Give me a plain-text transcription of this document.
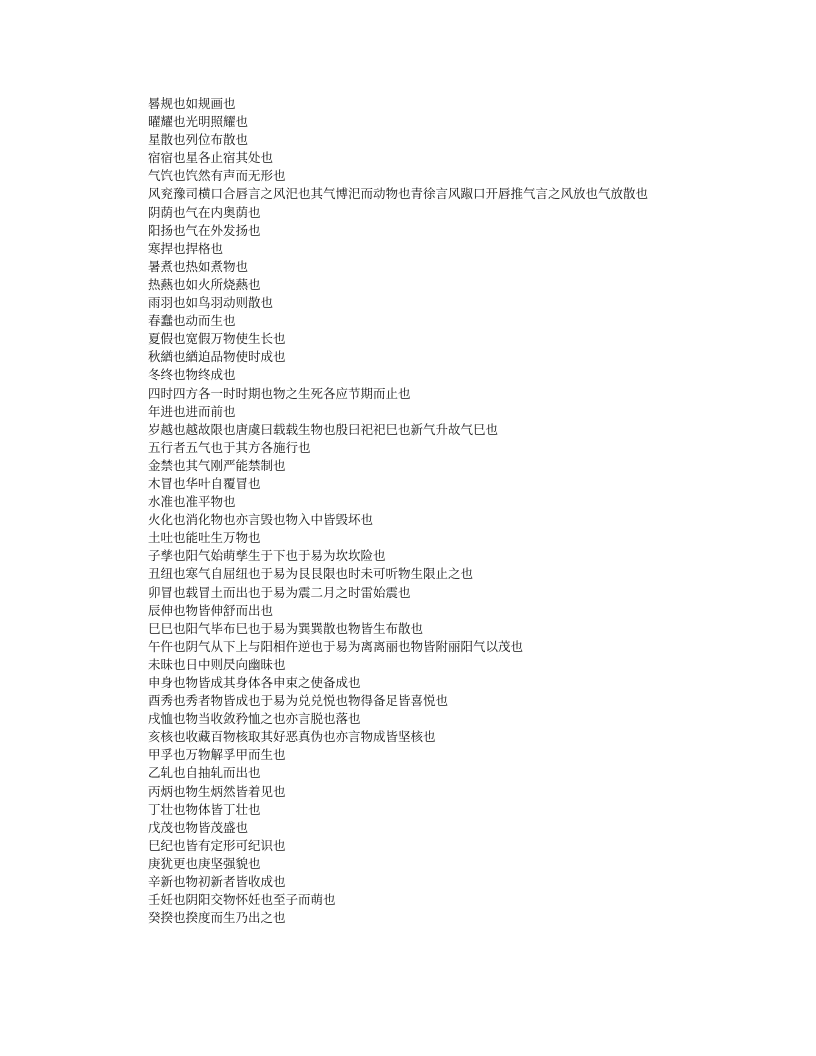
晷规也如规画也

曜耀也光明照耀也

星散也列位布散也

宿宿也星各止宿其处也

气饩也饩然有声而无形也

风兖豫司横口合唇言之风汜也其气博汜而动物也青徐言风踧口开唇推气言之风放也气放散也

阴荫也气在内奥荫也

阳扬也气在外发扬也

寒捍也捍格也

暑煮也热如煮物也

热爇也如火所烧爇也

雨羽也如鸟羽动则散也

春蠢也动而生也

夏假也宽假万物使生长也

秋緧也緧迫品物使时成也

冬终也物终成也

四时四方各一时时期也物之生死各应节期而止也

年进也进而前也

岁越也越故限也唐虞曰载载生物也殷曰祀祀巳也新气升故气巳也

五行者五气也于其方各施行也

金禁也其气刚严能禁制也

木冒也华叶自覆冒也

水准也准平物也

火化也消化物也亦言毁也物入中皆毁坏也

土吐也能吐生万物也

子孳也阳气始萌孳生于下也于易为坎坎险也

丑纽也寒气自屈纽也于易为艮艮限也时未可听物生限止之也

卯冒也载冒土而出也于易为震二月之时雷始震也

辰伸也物皆伸舒而出也

巳巳也阳气毕布巳也于易为巽巽散也物皆生布散也

午仵也阴气从下上与阳相仵逆也于易为离离丽也物皆附丽阳气以茂也

未昧也日中则昃向幽昧也

申身也物皆成其身体各申束之使备成也

酉秀也秀者物皆成也于易为兑兑悦也物得备足皆喜悦也

戌恤也物当收敛矜恤之也亦言脱也落也

亥核也收藏百物核取其好恶真伪也亦言物成皆坚核也

甲孚也万物解孚甲而生也

乙轧也自抽轧而出也

丙炳也物生炳然皆着见也

丁壮也物体皆丁壮也

戊茂也物皆茂盛也

巳纪也皆有定形可纪识也

庚犹更也庚坚强貌也

辛新也物初新者皆收成也

壬妊也阴阳交物怀妊也至子而萌也

癸揆也揆度而生乃出之也
